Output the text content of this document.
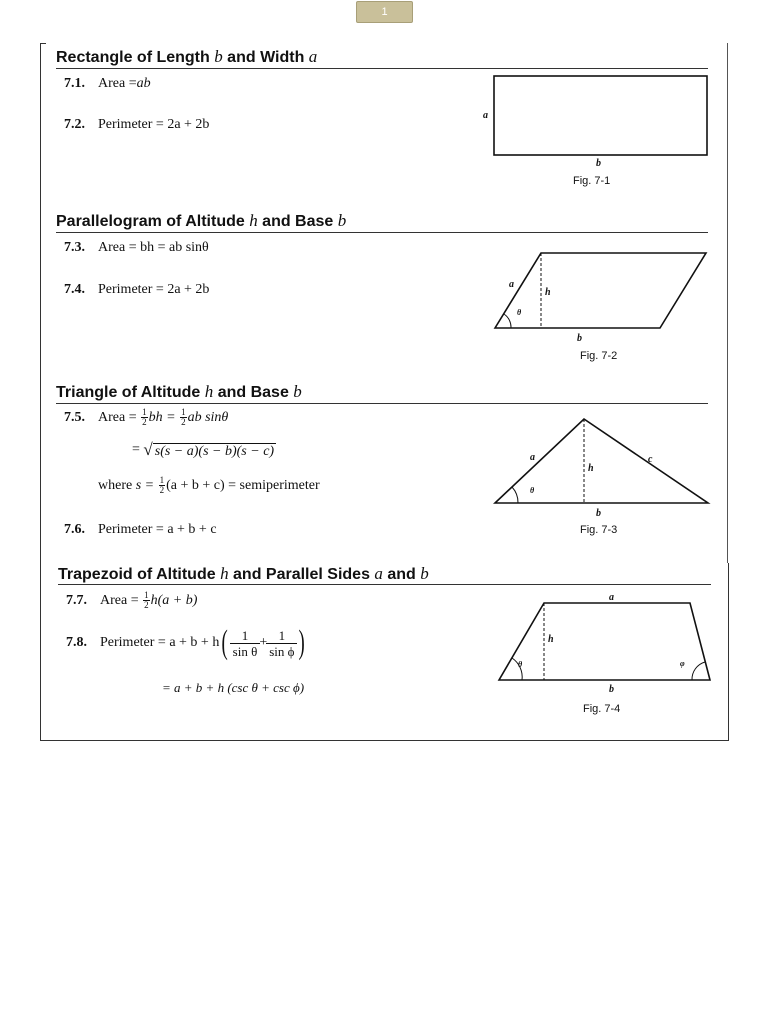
1
Rectangle of Length b and Width a
7.1. Area = ab
7.2. Perimeter = 2a + 2b
a
b
Fig. 7-1
Parallelogram of Altitude h and Base b
7.3. Area = bh = ab sinθ
7.4. Perimeter = 2a + 2b	a
h
θ
b
Fig. 7-2
Triangle of Altitude h and Base b
7.5. Area =
$\frac{1}{2}$ bh =
$\frac{1}{2}$ ab sinθ
=
√ s(s − a)(s − b)(s − c)
where
s =
$\frac{1}{2} (a + b + c)$ = semiperimeter
7.6. Perimeter = a + b + c
a	c
h
θ
b
Fig. 7-3
Trapezoid of Altitude h and Parallel Sides a and b
7.7. Area =
$\frac{1}{2} h(a + b)$
7.8. Perimeter = a + b + h ( $\frac{1}{\text{sin θ}} + \frac{1}{\text{sin ϕ}}$ )
= a + b + h (csc θ + csc ϕ)
a
h
θ	φ
b
Fig. 7-4
